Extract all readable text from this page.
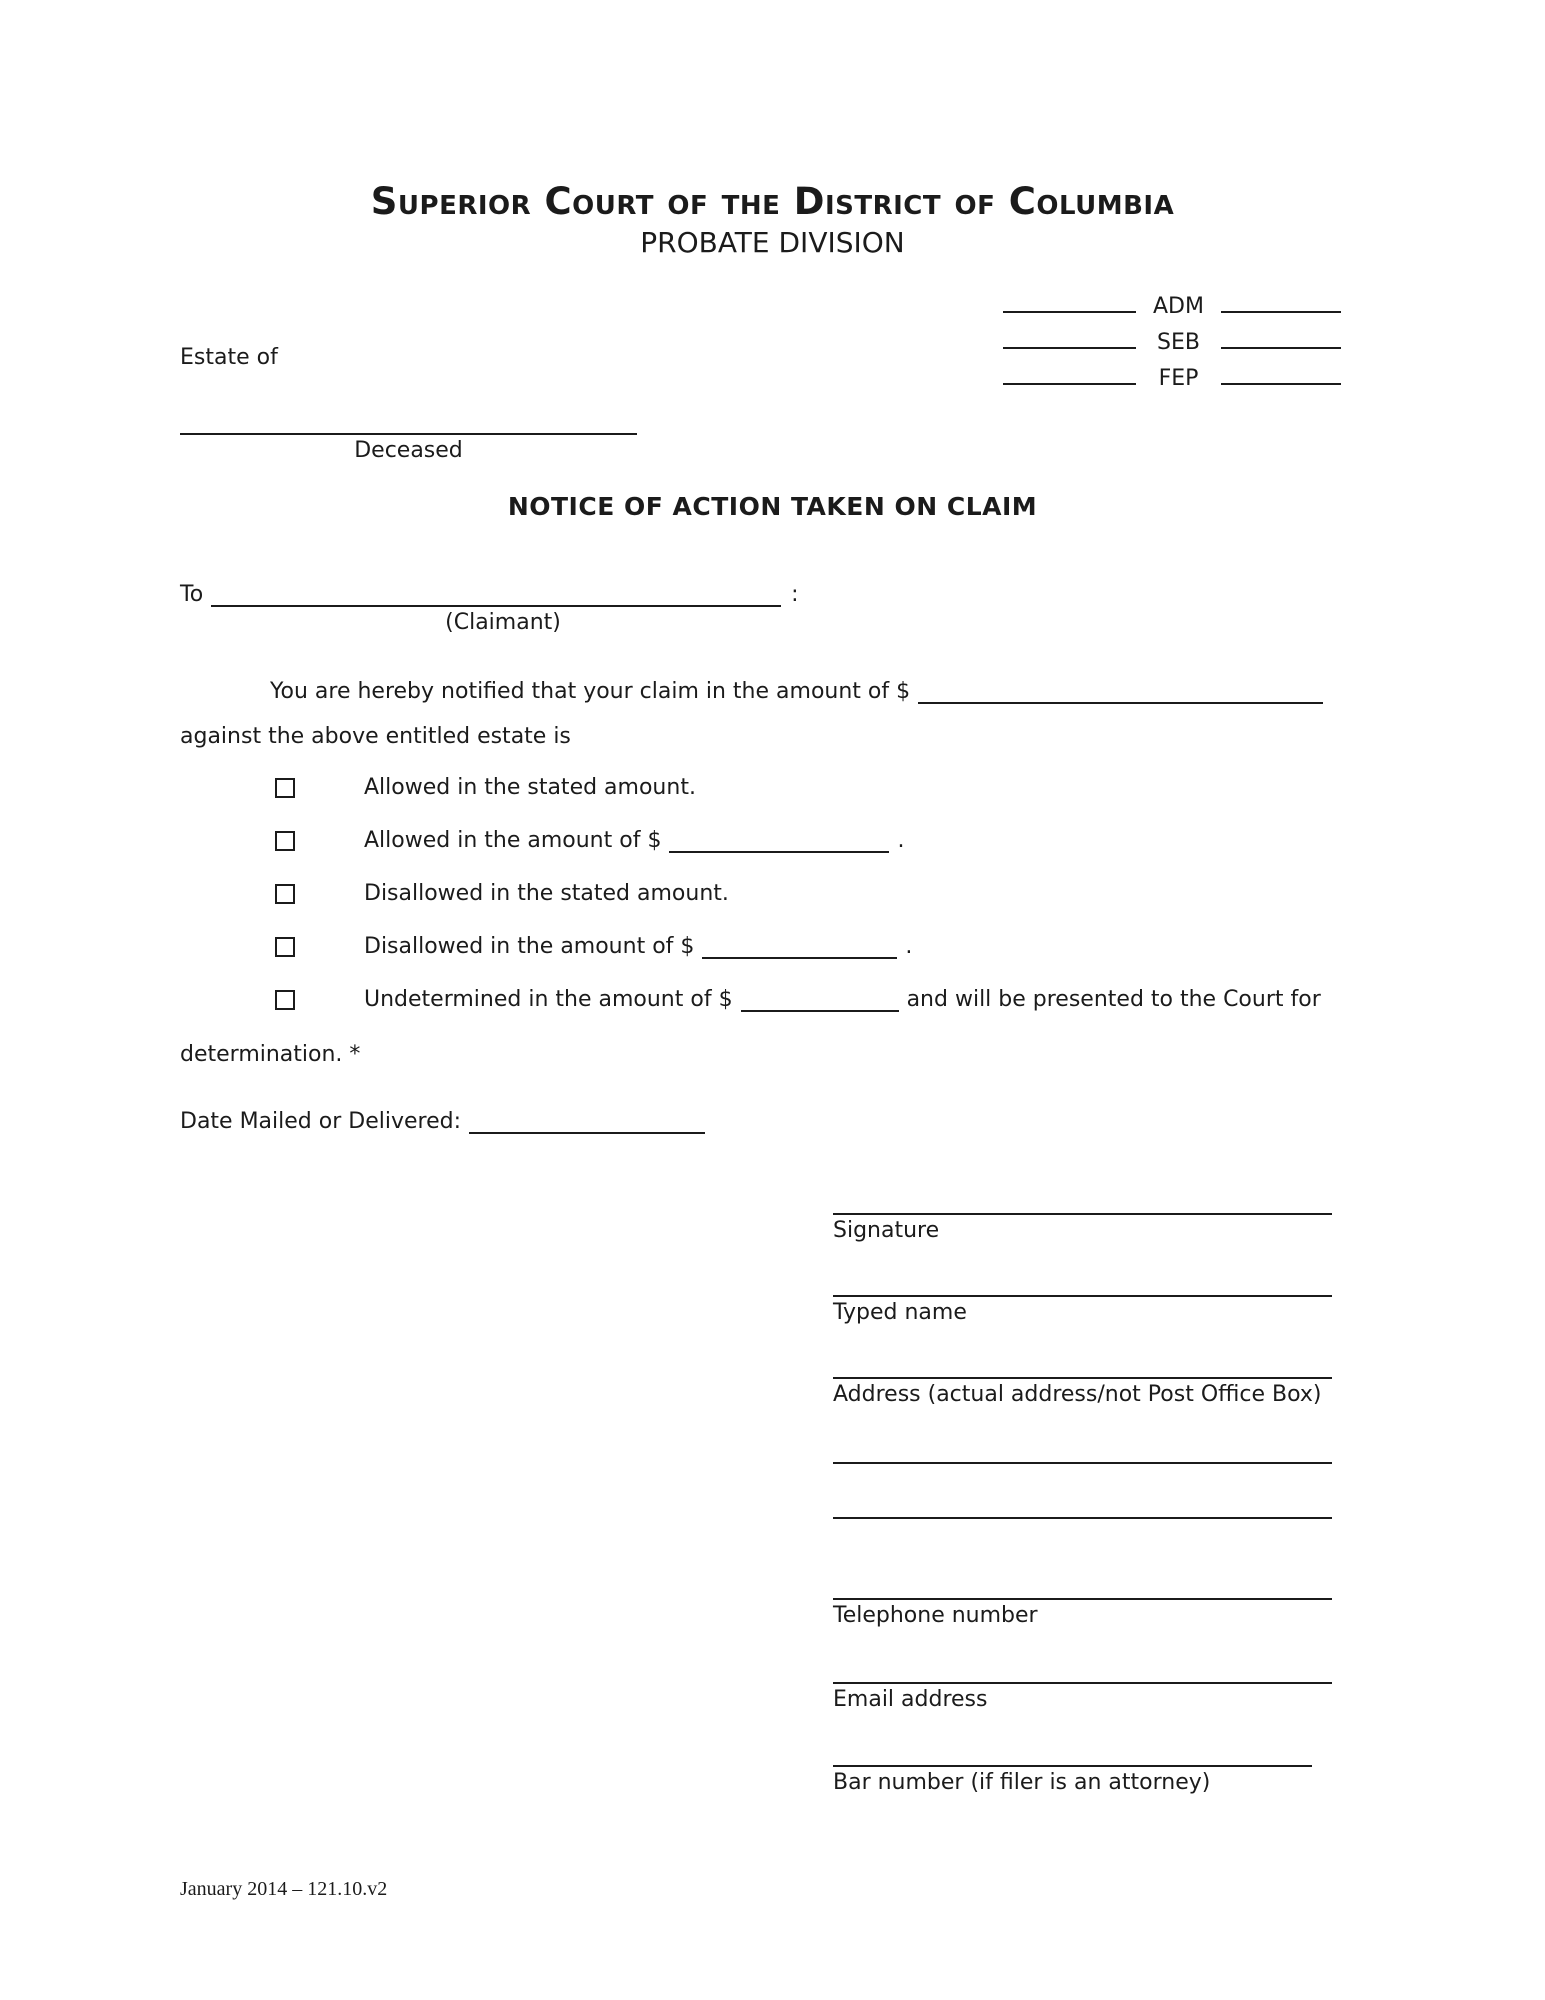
Superior Court of the District of Columbia
PROBATE DIVISION
ADM
SEB
FEP
Estate of
Deceased
NOTICE OF ACTION TAKEN ON CLAIM
To	:
(Claimant)
You are hereby notified that your claim in the amount of $
against the above entitled estate is
Allowed in the stated amount.
Allowed in the amount of $	.
Disallowed in the stated amount.
Disallowed in the amount of $	.
Undetermined in the amount of $	and will be presented to the Court for
determination. *
Date Mailed or Delivered:
Signature
Typed name
Address (actual address/not Post Office Box)
Telephone number
Email address
Bar number (if filer is an attorney)
January 2014 – 121.10.v2
